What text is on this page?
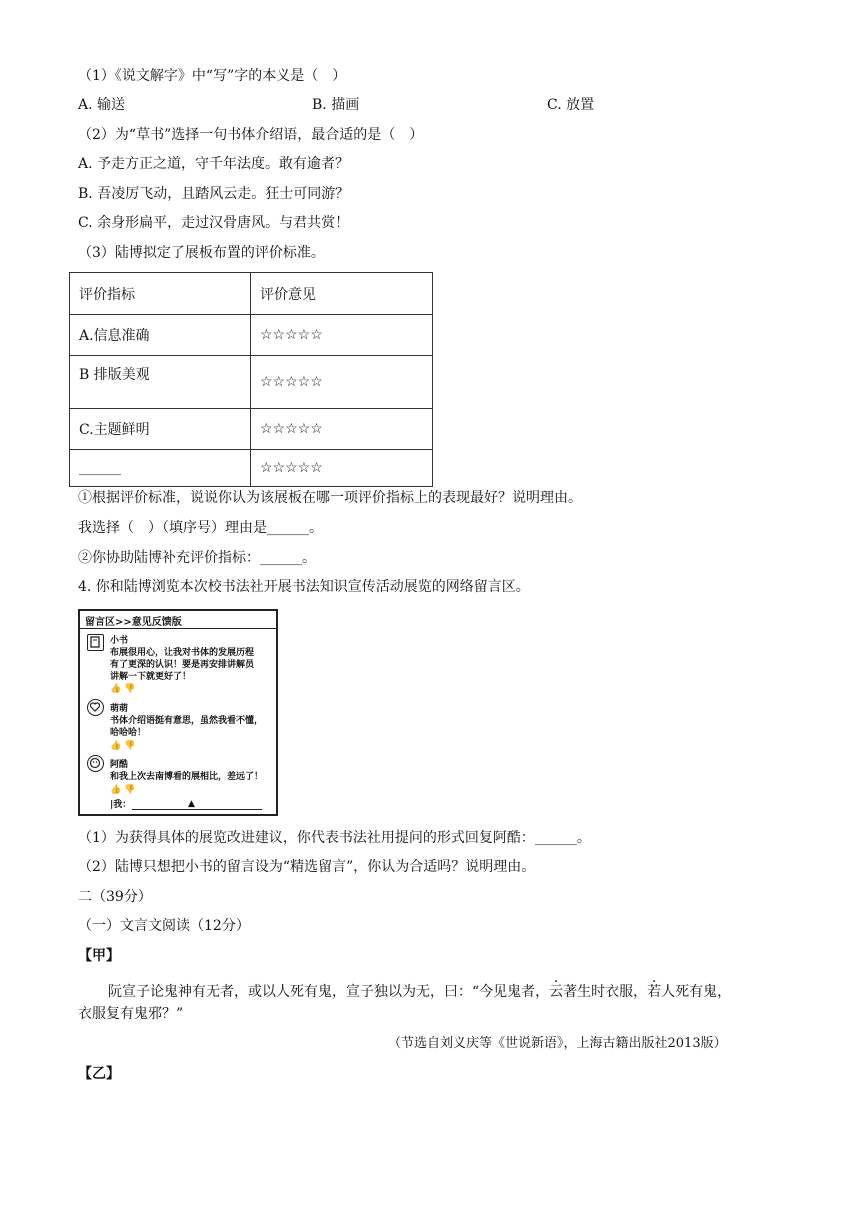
（1）《说文解字》中“写”字的本义是（　）
A. 输送	B. 描画	C. 放置
（2）为“草书”选择一句书体介绍语，最合适的是（　）
A. 予走方正之道，守千年法度。敢有逾者？
B. 吾凌厉飞动，且踏风云走。狂士可同游？
C. 余身形扁平，走过汉骨唐风。与君共赏！
（3）陆博拟定了展板布置的评价标准。
评价指标	评价意见
A.信息准确	☆☆☆☆☆
B 排版美观	☆☆☆☆☆
C.主题鲜明	☆☆☆☆☆
______	☆☆☆☆☆
①根据评价标准，说说你认为该展板在哪一项评价指标上的表现最好？说明理由。
我选择（　）（填序号）理由是______。
②你协助陆博补充评价指标：______。
4. 你和陆博浏览本次校书法社开展书法知识宣传活动展览的网络留言区。
留言区>>意见反馈版
小书
布展很用心，让我对书体的发展历程
有了更深的认识！要是再安排讲解员
讲解一下就更好了！
👍 👎
萌萌
书体介绍语挺有意思，虽然我看不懂，
哈哈哈！
👍 👎
阿酷
和我上次去南博看的展相比，差远了！
👍 👎
|我：	▲
（1）为获得具体的展览改进建议，你代表书法社用提问的形式回复阿酷：______。
（2）陆博只想把小书的留言设为“精选留言”，你认为合适吗？说明理由。
二（39分）
（一）文言文阅读（12分）
【甲】
阮宣子论鬼神有无者，或以人死有鬼，宣子独以为无，曰：“今见鬼者，云著生时衣服，若人死有鬼，
衣服复有鬼邪？”
（节选自刘义庆等《世说新语》，上海古籍出版社2013版）
【乙】
